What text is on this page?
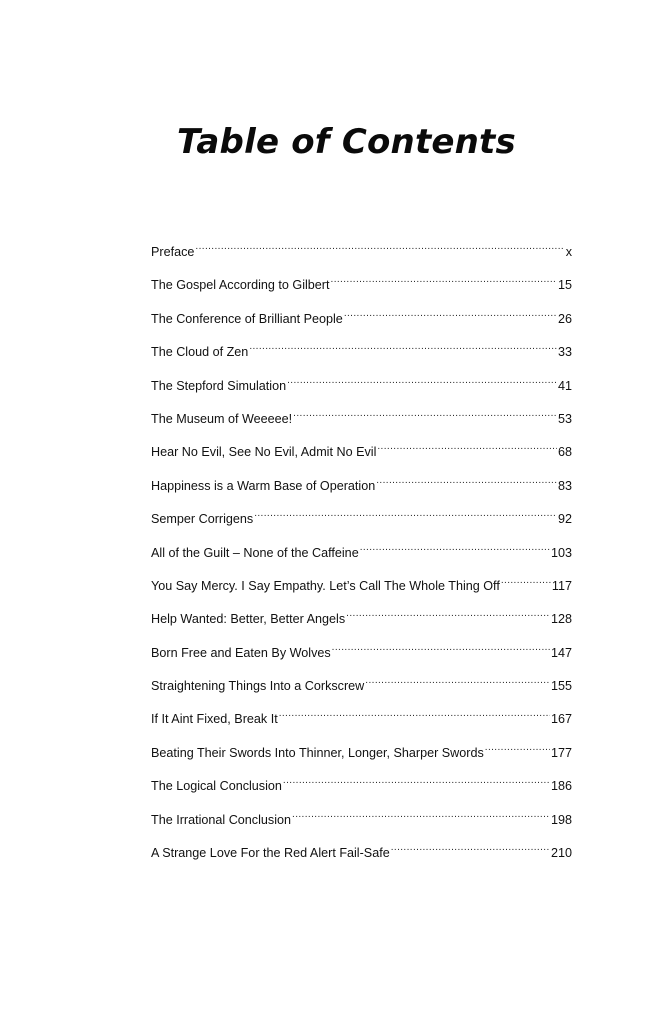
Table of Contents
Preface .....	x
The Gospel According to Gilbert .....	15
The Conference of Brilliant People .....	26
The Cloud of Zen .....	33
The Stepford Simulation .....	41
The Museum of Weeeee! .....	53
Hear No Evil, See No Evil, Admit No Evil .....	68
Happiness is a Warm Base of Operation .....	83
Semper Corrigens .....	92
All of the Guilt – None of the Caffeine .....	103
You Say Mercy. I Say Empathy. Let’s Call The Whole Thing Off .....	117
Help Wanted: Better, Better Angels .....	128
Born Free and Eaten By Wolves .....	147
Straightening Things Into a Corkscrew .....	155
If It Aint Fixed, Break It .....	167
Beating Their Swords Into Thinner, Longer, Sharper Swords .....	177
The Logical Conclusion .....	186
The Irrational Conclusion .....	198
A Strange Love For the Red Alert Fail-Safe .....	210
